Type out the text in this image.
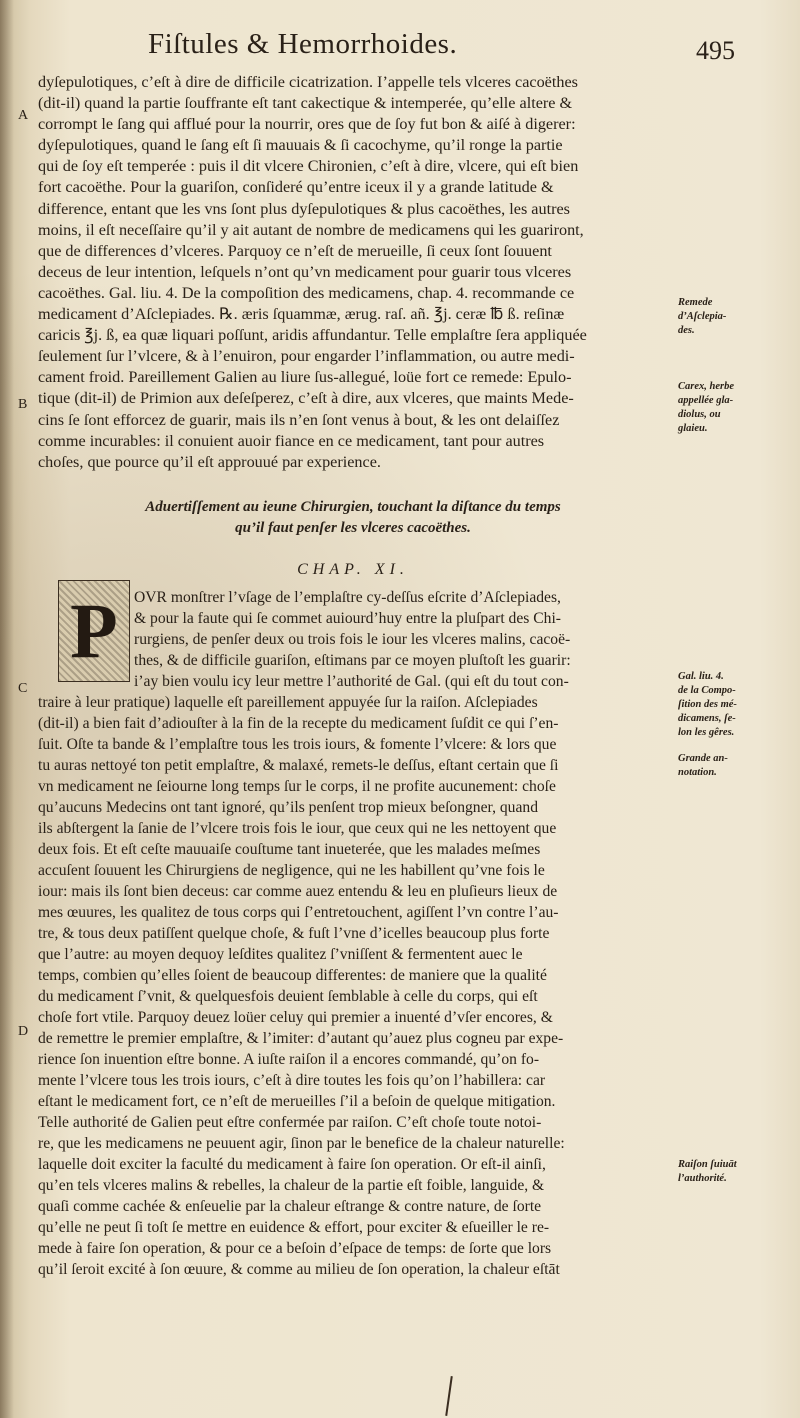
Fiſtules & Hemorrhoides.	495
dyſepulotiques, c’eſt à dire de difficile cicatrization. I’appelle tels vlceres cacoëthes
(dit-il) quand la partie ſouffrante eſt tant cakectique & intemperée, qu’elle altere &
corrompt le ſang qui afflué pour la nourrir, ores que de ſoy fut bon & aiſé à digerer:
dyſepulotiques, quand le ſang eſt ſi mauuais & ſi cacochyme, qu’il ronge la partie
qui de ſoy eſt temperée : puis il dit vlcere Chironien, c’eſt à dire, vlcere, qui eſt bien
fort cacoëthe. Pour la guariſon, conſideré qu’entre iceux il y a grande latitude &
difference, entant que les vns ſont plus dyſepulotiques & plus cacoëthes, les autres
moins, il eſt neceſſaire qu’il y ait autant de nombre de medicamens qui les guariront,
que de differences d’vlceres. Parquoy ce n’eſt de merueille, ſi ceux ſont ſouuent
deceus de leur intention, leſquels n’ont qu’vn medicament pour guarir tous vlceres
cacoëthes. Gal. liu. 4. De la compoſition des medicamens, chap. 4. recommande ce
medicament d’Aſclepiades. ℞. æris ſquammæ, ærug. raſ. añ. ℥j. ceræ ℔ ß. reſinæ
caricis ℥j. ß, ea quæ liquari poſſunt, aridis affundantur. Telle emplaſtre ſera appliquée
ſeulement ſur l’vlcere, & à l’enuiron, pour engarder l’inflammation, ou autre medi-
cament froid. Pareillement Galien au liure ſus-allegué, loüe fort ce remede: Epulo-
tique (dit-il) de Primion aux deſeſperez, c’eſt à dire, aux vlceres, que maints Mede-
cins ſe ſont efforcez de guarir, mais ils n’en ſont venus à bout, & les ont delaiſſez
comme incurables: il conuient auoir fiance en ce medicament, tant pour autres
choſes, que pource qu’il eſt approuué par experience.
Aduertiſſement au ieune Chirurgien, touchant la diſtance du temps
qu’il faut penſer les vlceres cacoëthes.
CHAP. XI.
OVR monſtrer l’vſage de l’emplaſtre cy-deſſus eſcrite d’Aſclepiades,
& pour la faute qui ſe commet auiourd’huy entre la pluſpart des Chi-
rurgiens, de penſer deux ou trois fois le iour les vlceres malins, cacoë-
thes, & de difficile guariſon, eſtimans par ce moyen pluſtoſt les guarir:
i’ay bien voulu icy leur mettre l’authorité de Gal. (qui eſt du tout con-
traire à leur pratique) laquelle eſt pareillement appuyée ſur la raiſon. Aſclepiades
(dit-il) a bien fait d’adiouſter à la fin de la recepte du medicament ſuſdit ce qui ſ’en-
ſuit. Oſte ta bande & l’emplaſtre tous les trois iours, & fomente l’vlcere: & lors que
tu auras nettoyé ton petit emplaſtre, & malaxé, remets-le deſſus, eſtant certain que ſi
vn medicament ne ſeiourne long temps ſur le corps, il ne profite aucunement: choſe
qu’aucuns Medecins ont tant ignoré, qu’ils penſent trop mieux beſongner, quand
ils abſtergent la ſanie de l’vlcere trois fois le iour, que ceux qui ne les nettoyent que
deux fois. Et eſt ceſte mauuaiſe couſtume tant inueterée, que les malades meſmes
accuſent ſouuent les Chirurgiens de negligence, qui ne les habillent qu’vne fois le
iour: mais ils ſont bien deceus: car comme auez entendu & leu en pluſieurs lieux de
mes œuures, les qualitez de tous corps qui ſ’entretouchent, agiſſent l’vn contre l’au-
tre, & tous deux patiſſent quelque choſe, & fuſt l’vne d’icelles beaucoup plus forte
que l’autre: au moyen dequoy leſdites qualitez ſ’vniſſent & fermentent auec le
temps, combien qu’elles ſoient de beaucoup differentes: de maniere que la qualité
du medicament ſ’vnit, & quelquesfois deuient ſemblable à celle du corps, qui eſt
choſe fort vtile. Parquoy deuez loüer celuy qui premier a inuenté d’vſer encores, &
de remettre le premier emplaſtre, & l’imiter: d’autant qu’auez plus cogneu par expe-
rience ſon inuention eſtre bonne. A iuſte raiſon il a encores commandé, qu’on fo-
mente l’vlcere tous les trois iours, c’eſt à dire toutes les fois qu’on l’habillera: car
eſtant le medicament fort, ce n’eſt de merueilles ſ’il a beſoin de quelque mitigation.
Telle authorité de Galien peut eſtre confermée par raiſon. C’eſt choſe toute notoi-
re, que les medicamens ne peuuent agir, ſinon par le benefice de la chaleur naturelle:
laquelle doit exciter la faculté du medicament à faire ſon operation. Or eſt-il ainſi,
qu’en tels vlceres malins & rebelles, la chaleur de la partie eſt foible, languide, &
quaſi comme cachée & enſeuelie par la chaleur eſtrange & contre nature, de ſorte
qu’elle ne peut ſi toſt ſe mettre en euidence & effort, pour exciter & eſueiller le re-
mede à faire ſon operation, & pour ce a beſoin d’eſpace de temps: de ſorte que lors
qu’il ſeroit excité à ſon œuure, & comme au milieu de ſon operation, la chaleur eſtāt
P
A
B
C
D
Remede
d’Aſclepia-
des.
Carex, herbe
appellée gla-
diolus, ou
glaieu.
Gal. liu. 4.
de la Compo-
ſition des mé-
dicamens, ſe-
lon les gêres.
Grande an-
notation.
Raiſon ſuiuāt
l’authorité.
